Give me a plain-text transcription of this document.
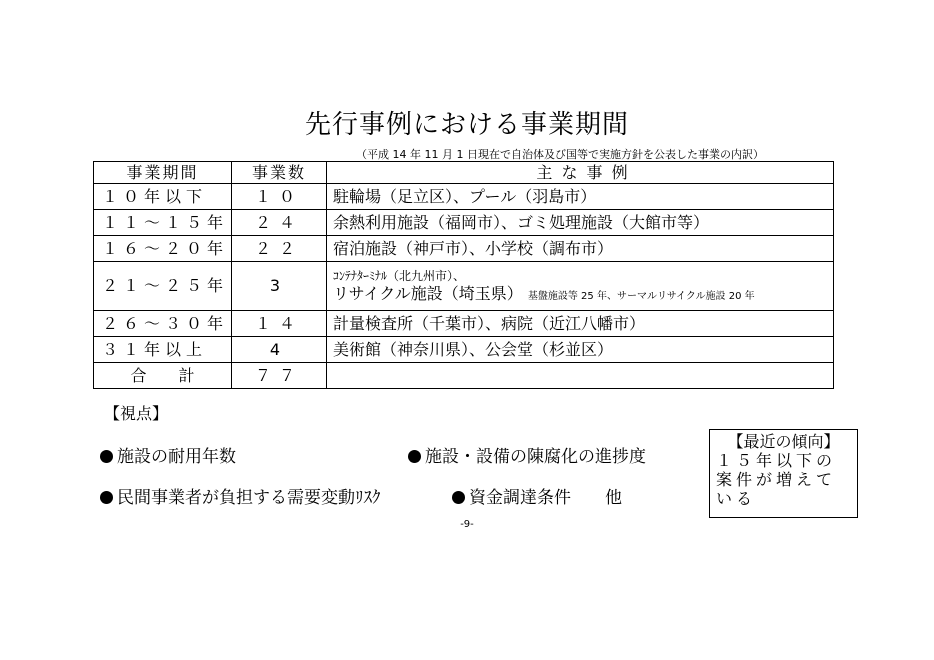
先行事例における事業期間
（平成 14 年 11 月 1 日現在で自治体及び国等で実施方針を公表した事業の内訳）
事業期間	事業数	主 な 事 例
１０年以下	１０	駐輪場（足立区）、プール（羽島市）
１１～１５年	２４	余熱利用施設（福岡市）、ゴミ処理施設（大館市等）
１６～２０年	２２	宿泊施設（神戸市）、小学校（調布市）
２１～２５年	3	ｺﾝﾃﾅﾀｰﾐﾅﾙ（北九州市）、
リサイクル施設（埼玉県） 基盤施設等 25 年、サーマルリサイクル施設 20 年

２６～３０年	１４	計量検査所（千葉市）、病院（近江八幡市）
３１年以上	4	美術館（神奈川県）、公会堂（杉並区）
合　　計	７７	
【視点】
施設の耐用年数	施設・設備の陳腐化の進捗度
民間事業者が負担する需要変動ﾘｽｸ	資金調達条件　　他
【最近の傾向】
１５年以下の案件が増えている
-9-
